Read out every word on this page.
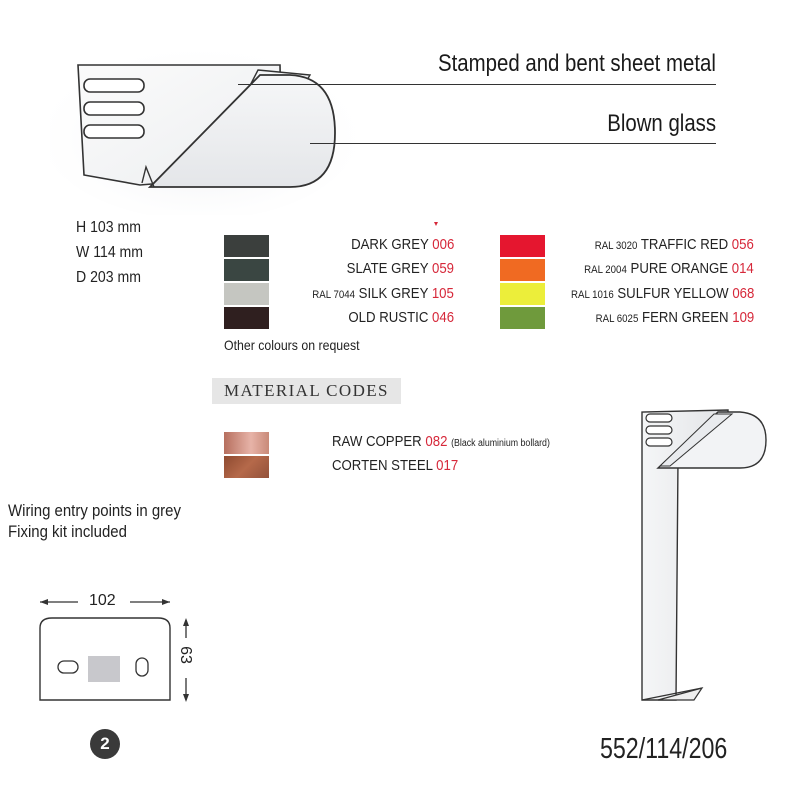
Stamped and bent sheet metal
Blown glass
H 103 mm
W 114 mm
D 203 mm
DARK GREY 006
SLATE GREY 059
RAL 7044 SILK GREY 105
OLD RUSTIC 046
RAL 3020 TRAFFIC RED 056
RAL 2004 PURE ORANGE 014
RAL 1016 SULFUR YELLOW 068
RAL 6025 FERN GREEN 109
Other colours on request
MATERIAL CODES
RAW COPPER 082 (Black aluminium bollard)
CORTEN STEEL 017
Wiring entry points in grey
Fixing kit included
102
63
2	552/114/206
